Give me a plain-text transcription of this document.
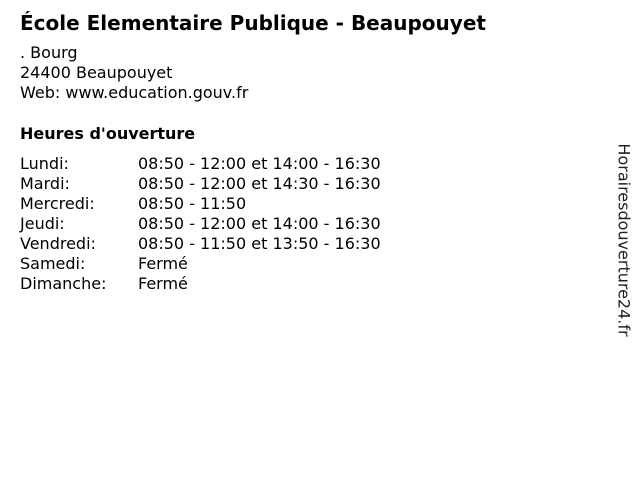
École Elementaire Publique - Beaupouyet
. Bourg
24400 Beaupouyet
Web: www.education.gouv.fr
Heures d'ouverture
Lundi:	08:50 - 12:00 et 14:00 - 16:30
Mardi:	08:50 - 12:00 et 14:30 - 16:30
Mercredi:	08:50 - 11:50
Jeudi:	08:50 - 12:00 et 14:00 - 16:30
Vendredi:	08:50 - 11:50 et 13:50 - 16:30
Samedi:	Fermé
Dimanche:	Fermé	Horairesdouverture24.fr
